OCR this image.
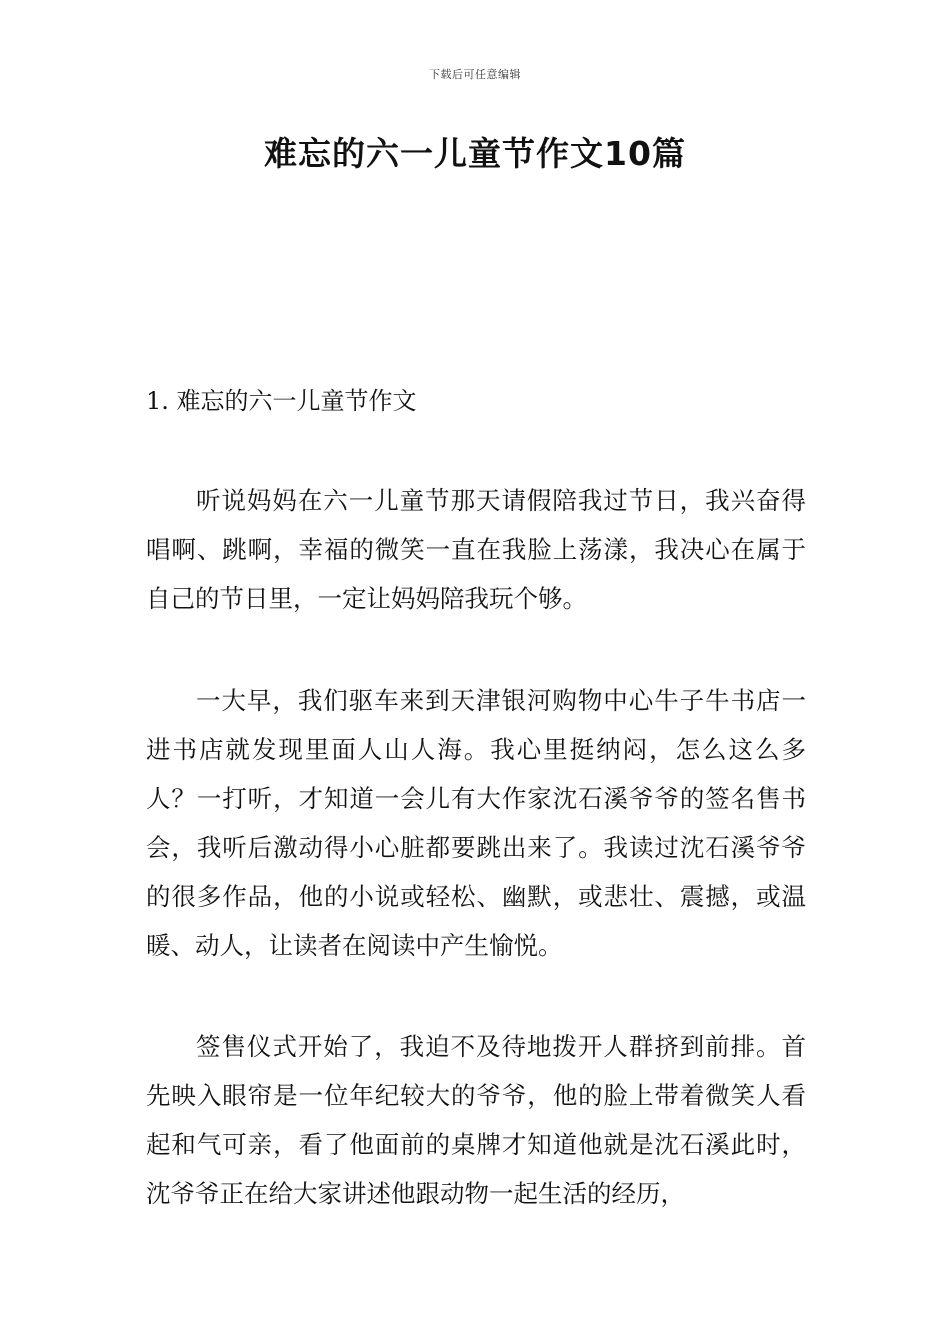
下载后可任意编辑
难忘的六一儿童节作文10篇
1. 难忘的六一儿童节作文

听说妈妈在六一儿童节那天请假陪我过节日，我兴奋得唱啊、跳啊，幸福的微笑一直在我脸上荡漾，我决心在属于自己的节日里，一定让妈妈陪我玩个够。

一大早，我们驱车来到天津银河购物中心牛子牛书店一进书店就发现里面人山人海。我心里挺纳闷，怎么这么多人？一打听，才知道一会儿有大作家沈石溪爷爷的签名售书会，我听后激动得小心脏都要跳出来了。我读过沈石溪爷爷的很多作品，他的小说或轻松、幽默，或悲壮、震撼，或温暖、动人，让读者在阅读中产生愉悦。

签售仪式开始了，我迫不及待地拨开人群挤到前排。首先映入眼帘是一位年纪较大的爷爷，他的脸上带着微笑人看起和气可亲，看了他面前的桌牌才知道他就是沈石溪此时，沈爷爷正在给大家讲述他跟动物一起生活的经历，
